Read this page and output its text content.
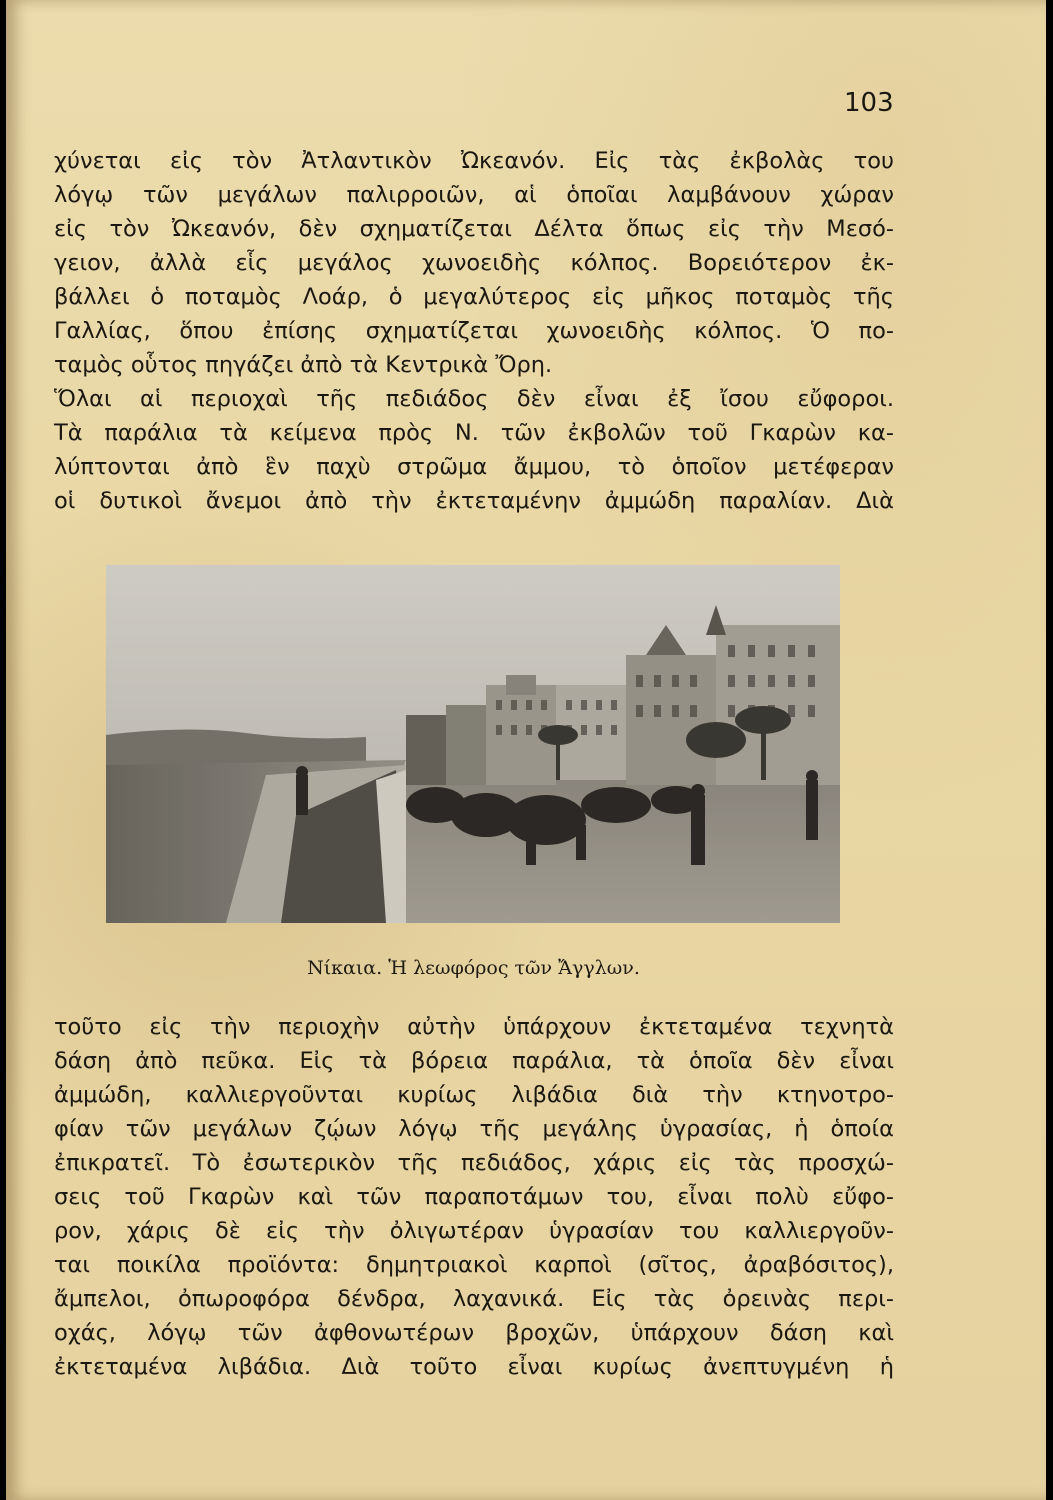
103
χύνεται εἰς τὸν Ἀτλαντικὸν Ὠκεανόν. Εἰς τὰς ἐκβολὰς του
λόγῳ τῶν μεγάλων παλιρροιῶν, αἱ ὁποῖαι λαμβάνουν χώραν
εἰς τὸν Ὠκεανόν, δὲν σχηματίζεται Δέλτα ὅπως εἰς τὴν Μεσό-
γειον, ἀλλὰ εἷς μεγάλος χωνοειδὴς κόλπος. Βορειότερον ἐκ-
βάλλει ὁ ποταμὸς Λοάρ, ὁ μεγαλύτερος εἰς μῆκος ποταμὸς τῆς
Γαλλίας, ὅπου ἐπίσης σχηματίζεται χωνοειδὴς κόλπος. Ὁ πο-
ταμὸς οὗτος πηγάζει ἀπὸ τὰ Κεντρικὰ Ὄρη.
Ὅλαι αἱ περιοχαὶ τῆς πεδιάδος δὲν εἶναι ἐξ ἴσου εὔφοροι.
Τὰ παράλια τὰ κείμενα πρὸς Ν. τῶν ἐκβολῶν τοῦ Γκαρὼν κα-
λύπτονται ἀπὸ ἓν παχὺ στρῶμα ἄμμου, τὸ ὁποῖον μετέφεραν
οἱ δυτικοὶ ἄνεμοι ἀπὸ τὴν ἐκτεταμένην ἀμμώδη παραλίαν. Διὰ
Νίκαια. Ἡ λεωφόρος τῶν Ἄγγλων.
τοῦτο εἰς τὴν περιοχὴν αὐτὴν ὑπάρχουν ἐκτεταμένα τεχνητὰ
δάση ἀπὸ πεῦκα. Εἰς τὰ βόρεια παράλια, τὰ ὁποῖα δὲν εἶναι
ἀμμώδη, καλλιεργοῦνται κυρίως λιβάδια διὰ τὴν κτηνοτρο-
φίαν τῶν μεγάλων ζῴων λόγῳ τῆς μεγάλης ὑγρασίας, ἡ ὁποία
ἐπικρατεῖ. Τὸ ἐσωτερικὸν τῆς πεδιάδος, χάρις εἰς τὰς προσχώ-
σεις τοῦ Γκαρὼν καὶ τῶν παραποτάμων του, εἶναι πολὺ εὔφο-
ρον, χάρις δὲ εἰς τὴν ὀλιγωτέραν ὑγρασίαν του καλλιεργοῦν-
ται ποικίλα προϊόντα: δημητριακοὶ καρποὶ (σῖτος, ἀραβόσιτος),
ἄμπελοι, ὀπωροφόρα δένδρα, λαχανικά. Εἰς τὰς ὀρεινὰς περι-
οχάς, λόγῳ τῶν ἀφθονωτέρων βροχῶν, ὑπάρχουν δάση καὶ
ἐκτεταμένα λιβάδια. Διὰ τοῦτο εἶναι κυρίως ἀνεπτυγμένη ἡ
